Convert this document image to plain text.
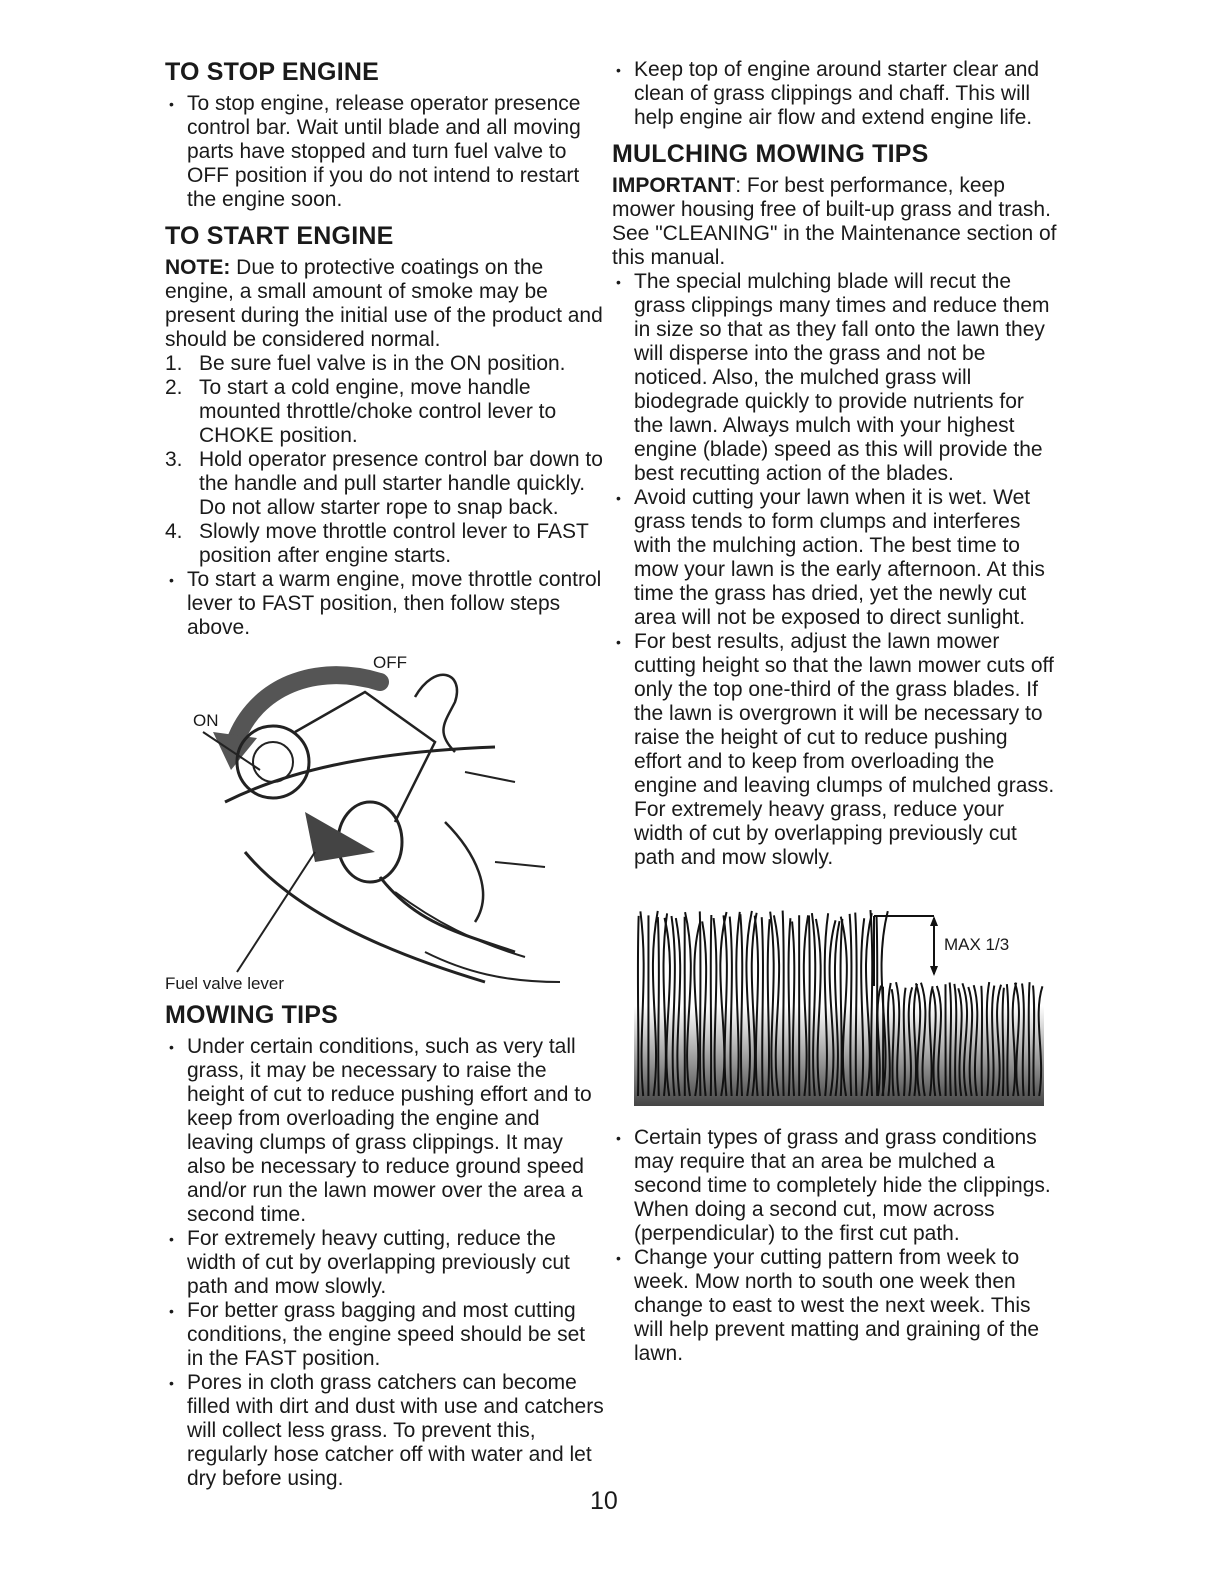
TO STOP ENGINE
• To stop engine, release operator presence control bar. Wait until blade and all moving parts have stopped and turn fuel valve to OFF position if you do not intend to restart the engine soon.
TO START ENGINE

NOTE: Due to protective coatings on the engine, a small amount of smoke may be present during the initial use of the product and should be considered normal.

1. Be sure fuel valve is in the ON position.
2. To start a cold engine, move handle mounted throttle/choke control lever to CHOKE position.
3. Hold operator presence control bar down to the handle and pull starter handle quickly. Do not allow starter rope to snap back.
4. Slowly move throttle control lever to FAST position after engine starts.
• To start a warm engine, move throttle control lever to FAST position, then follow steps above.
OFF
ON
Fuel valve lever
MOWING TIPS
• Under certain conditions, such as very tall grass, it may be necessary to raise the height of cut to reduce pushing effort and to keep from overloading the engine and leaving clumps of grass clippings. It may also be necessary to reduce ground speed and/or run the lawn mower over the area a second time.
• For extremely heavy cutting, reduce the width of cut by overlapping previously cut path and mow slowly.
• For better grass bagging and most cutting conditions, the engine speed should be set in the FAST position.
• Pores in cloth grass catchers can become filled with dirt and dust with use and catchers will collect less grass. To prevent this, regularly hose catcher off with water and let dry before using.
• Keep top of engine around starter clear and clean of grass clippings and chaff. This will help engine air flow and extend engine life.
MULCHING MOWING TIPS

IMPORTANT: For best performance, keep mower housing free of built-up grass and trash. See "CLEANING" in the Maintenance section of this manual.

• The special mulching blade will recut the grass clippings many times and reduce them in size so that as they fall onto the lawn they will disperse into the grass and not be noticed. Also, the mulched grass will biodegrade quickly to provide nutrients for the lawn. Always mulch with your highest engine (blade) speed as this will provide the best recutting action of the blades.
• Avoid cutting your lawn when it is wet. Wet grass tends to form clumps and interferes with the mulching action. The best time to mow your lawn is the early afternoon. At this time the grass has dried, yet the newly cut area will not be exposed to direct sunlight.
• For best results, adjust the lawn mower cutting height so that the lawn mower cuts off only the top one-third of the grass blades. If the lawn is overgrown it will be necessary to raise the height of cut to reduce pushing effort and to keep from overloading the engine and leaving clumps of mulched grass. For extremely heavy grass, reduce your width of cut by overlapping previously cut path and mow slowly.
MAX 1/3
• Certain types of grass and grass conditions may require that an area be mulched a second time to completely hide the clippings. When doing a second cut, mow across (perpendicular) to the first cut path.
• Change your cutting pattern from week to week. Mow north to south one week then change to east to west the next week. This will help prevent matting and graining of the lawn.
10
